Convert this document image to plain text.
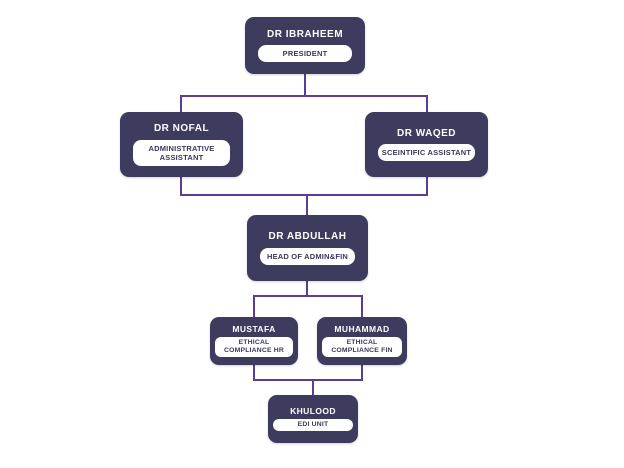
DR IBRAHEEM
PRESIDENT
DR NOFAL
ADMINISTRATIVE ASSISTANT
DR WAQED
SCEINTIFIC ASSISTANT
DR ABDULLAH
HEAD OF ADMIN&FIN
MUSTAFA
ETHICAL COMPLIANCE HR
MUHAMMAD
ETHICAL COMPLIANCE FIN
KHULOOD
EDI UNIT
